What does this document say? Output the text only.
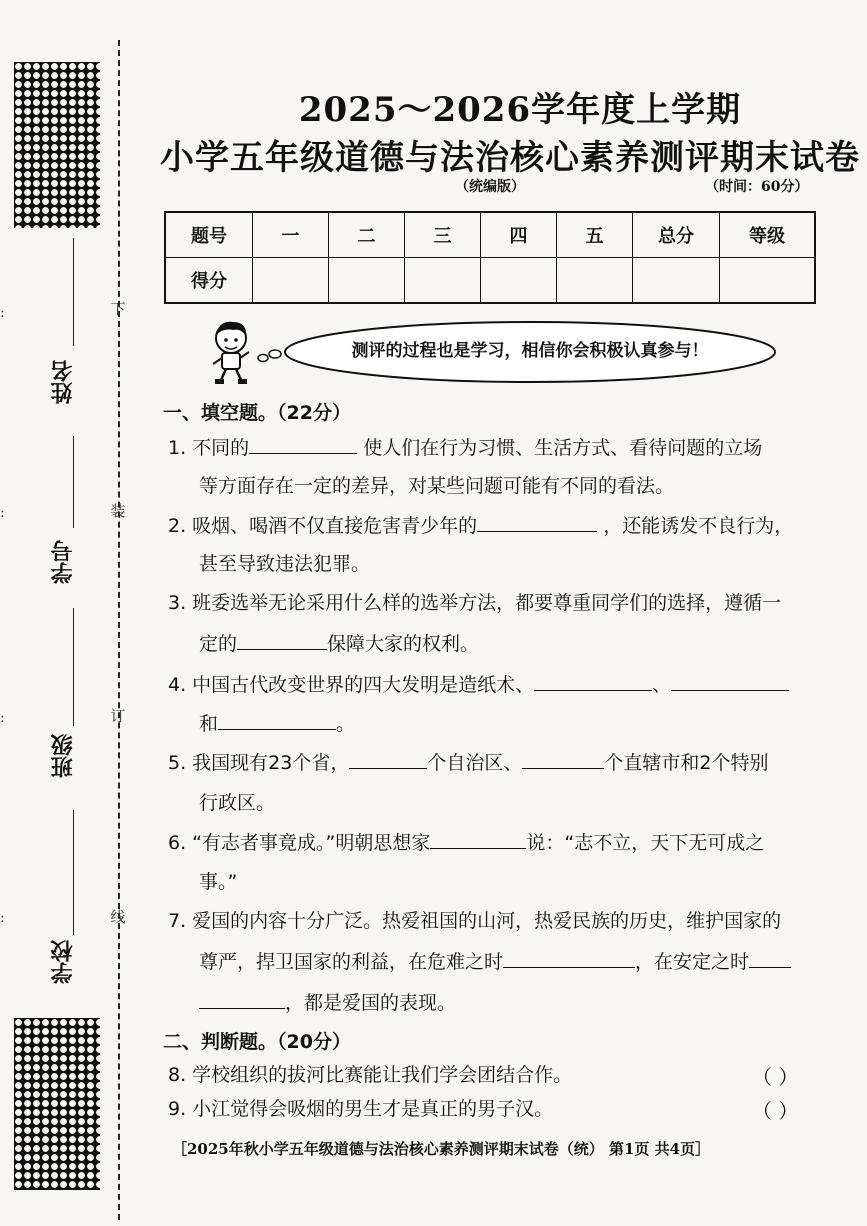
:
:
:
:
姓名
学号
班级
学校
下
装
订
线
2025～2026学年度上学期
小学五年级道德与法治核心素养测评期末试卷
（统编版）	（时间：60分）
题号	一	二	三	四	五	总分	等级
得分							
测评的过程也是学习，相信你会积极认真参与！
一、填空题。（22分）
1. 不同的	使人们在行为习惯、生活方式、看待问题的立场
等方面存在一定的差异，对某些问题可能有不同的看法。
2. 吸烟、喝酒不仅直接危害青少年的	，还能诱发不良行为，
甚至导致违法犯罪。
3. 班委选举无论采用什么样的选举方法，都要尊重同学们的选择，遵循一
定的	保障大家的权利。
4. 中国古代改变世界的四大发明是造纸术、	、
和	。
5. 我国现有23个省，	个自治区、	个直辖市和2个特别
行政区。
6. “有志者事竟成。”明朝思想家	说：“志不立，天下无可成之
事。”
7. 爱国的内容十分广泛。热爱祖国的山河，热爱民族的历史，维护国家的
尊严，捍卫国家的利益，在危难之时	，在安定之时
，都是爱国的表现。
二、判断题。（20分）
8. 学校组织的拔河比赛能让我们学会团结合作。	（ ）
9. 小江觉得会吸烟的男生才是真正的男子汉。	（ ）
［2025年秋小学五年级道德与法治核心素养测评期末试卷（统） 第1页 共4页］
